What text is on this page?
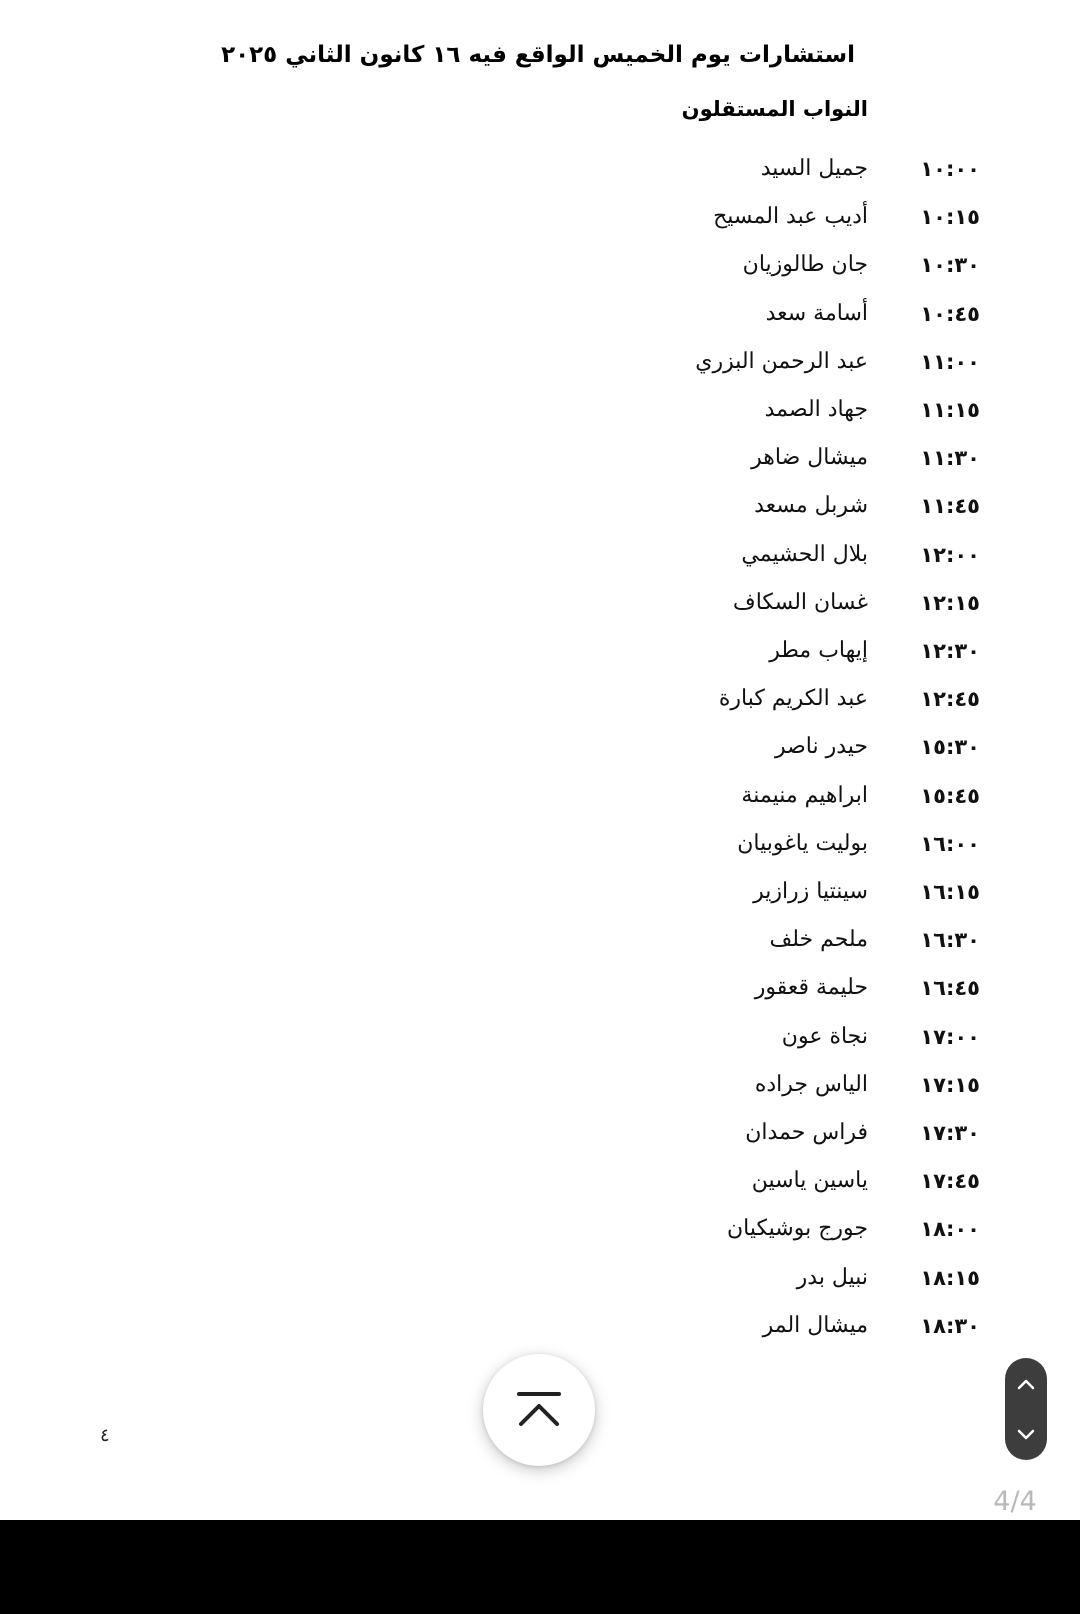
استشارات يوم الخميس الواقع فيه ١٦ كانون الثاني ٢٠٢٥
النواب المستقلون
١٠:٠٠
جميل السيد
١٠:١٥
أديب عبد المسيح
١٠:٣٠
جان طالوزيان
١٠:٤٥
أسامة سعد
١١:٠٠
عبد الرحمن البزري
١١:١٥
جهاد الصمد
١١:٣٠
ميشال ضاهر
١١:٤٥
شربل مسعد
١٢:٠٠
بلال الحشيمي
١٢:١٥
غسان السكاف
١٢:٣٠
إيهاب مطر
١٢:٤٥
عبد الكريم كبارة
١٥:٣٠
حيدر ناصر
١٥:٤٥
ابراهيم منيمنة
١٦:٠٠
بوليت ياغوبيان
١٦:١٥
سينتيا زرازير
١٦:٣٠
ملحم خلف
١٦:٤٥
حليمة قعقور
١٧:٠٠
نجاة عون
١٧:١٥
الياس جراده
١٧:٣٠
فراس حمدان
١٧:٤٥
ياسين ياسين
١٨:٠٠
جورج بوشيكيان
١٨:١٥
نبيل بدر
١٨:٣٠
ميشال المر
٤
4/4
